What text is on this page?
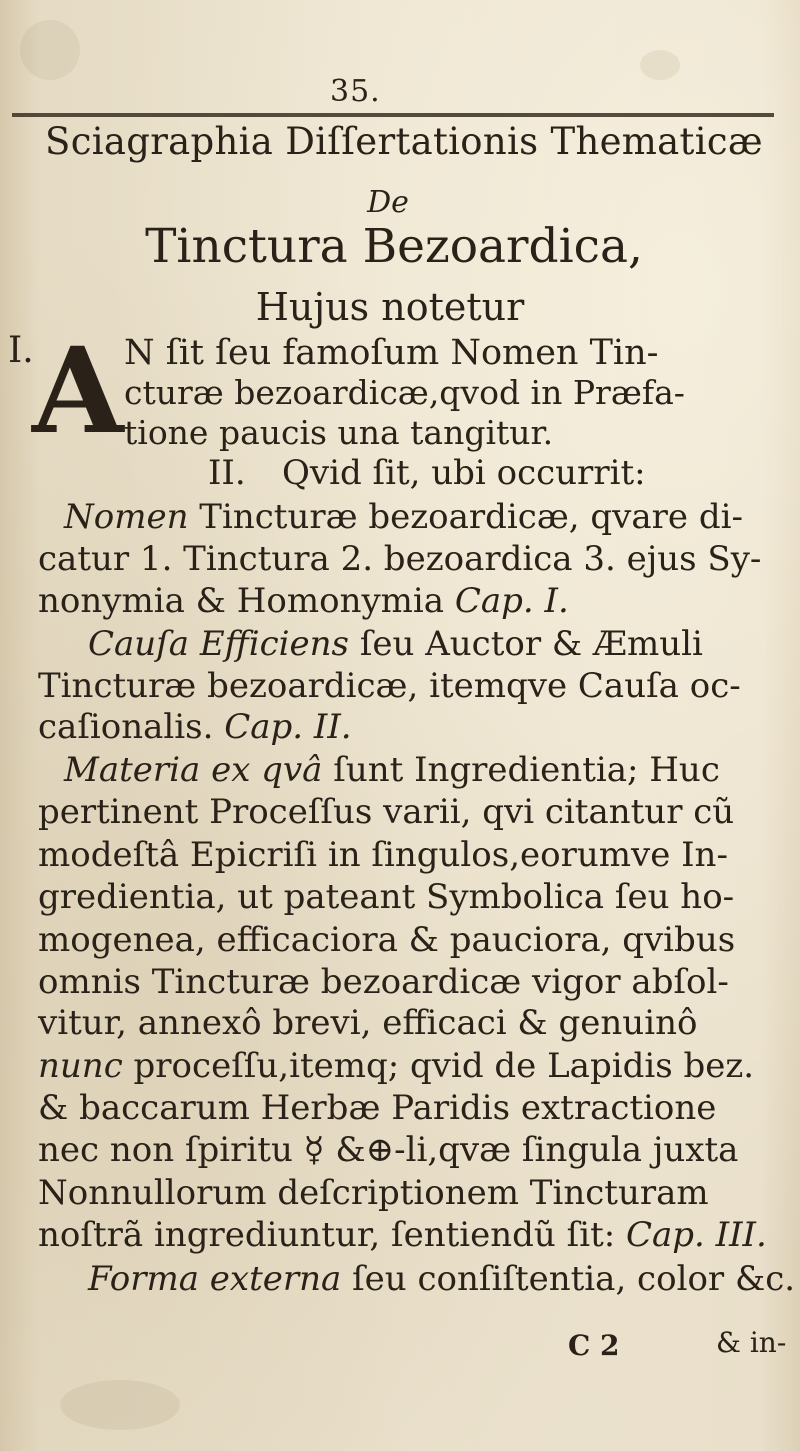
35.
Sciagraphia Diſſertationis Thematicæ
De
Tinctura Bezoardica,
Hujus notetur
I.
A N ſit ſeu famoſum Nomen Tin-
cturæ bezoardicæ,qvod in Præfa-
tione paucis una tangitur.
II. Qvid ſit, ubi occurrit:
Nomen Tincturæ bezoardicæ, qvare di-
catur 1. Tinctura 2. bezoardica 3. ejus Sy-
nonymia & Homonymia Cap. I.
Cauſa Efficiens ſeu Auctor & Æmuli
Tincturæ bezoardicæ, itemqve Cauſa oc-
caſionalis. Cap. II.
Materia ex qvâ ſunt Ingredientia; Huc
pertinent Proceſſus varii, qvi citantur cũ
modeſtâ Epicriſi in ſingulos,eorumve In-
gredientia, ut pateant Symbolica ſeu ho-
mogenea, efficaciora & pauciora, qvibus
omnis Tincturæ bezoardicæ vigor abſol-
vitur, annexô brevi, efficaci & genuinô
nunc proceſſu,itemq; qvid de Lapidis bez.
& baccarum Herbæ Paridis extractione
nec non ſpiritu ☿ &⊕-li,qvæ ſingula juxta
Nonnullorum deſcriptionem Tincturam
noſtrã ingrediuntur, ſentiendũ ſit: Cap. III.
Forma externa ſeu conſiſtentia, color &c.
C 2	& in-
